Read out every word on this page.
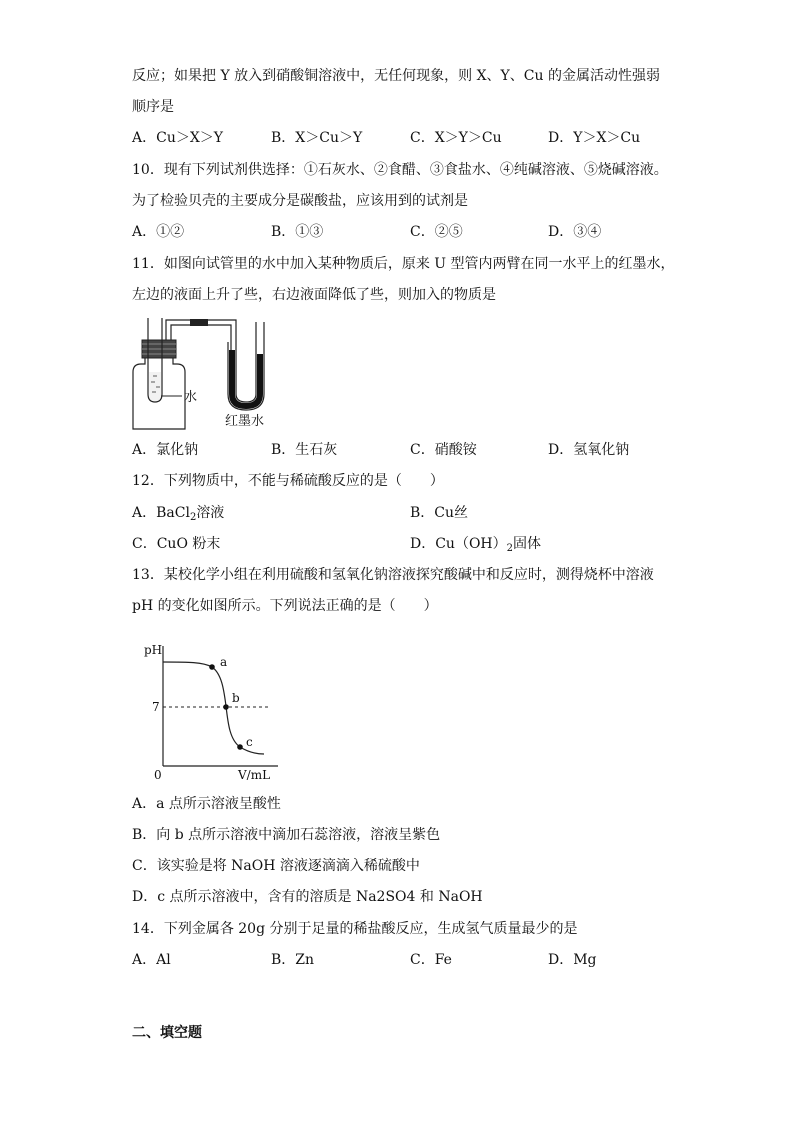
反应；如果把 Y 放入到硝酸铜溶液中，无任何现象，则 X、Y、Cu 的金属活动性强弱
顺序是
A．Cu＞X＞Y	B．X＞Cu＞Y	C．X＞Y＞Cu	D．Y＞X＞Cu
10．现有下列试剂供选择：①石灰水、②食醋、③食盐水、④纯碱溶液、⑤烧碱溶液。
为了检验贝壳的主要成分是碳酸盐，应该用到的试剂是
A．①②	B．①③	C．②⑤	D．③④
11．如图向试管里的水中加入某种物质后，原来 U 型管内两臂在同一水平上的红墨水，
左边的液面上升了些，右边液面降低了些，则加入的物质是
水
红墨水
A．氯化钠	B．生石灰	C．硝酸铵	D．氢氧化钠
12．下列物质中，不能与稀硫酸反应的是（　　）
A．BaCl$_2$溶液	B．Cu丝
C．CuO 粉末	D．$Cu(OH)_2$固体
13．某校化学小组在利用硫酸和氢氧化钠溶液探究酸碱中和反应时，测得烧杯中溶液
pH 的变化如图所示。下列说法正确的是（　　）
pH
V/mL
0
7
a
b
c
A．a 点所示溶液呈酸性
B．向 b 点所示溶液中滴加石蕊溶液，溶液呈紫色
C．该实验是将 NaOH 溶液逐滴滴入稀硫酸中
D．c 点所示溶液中，含有的溶质是 Na2SO4 和 NaOH
14．下列金属各 20g 分别于足量的稀盐酸反应，生成氢气质量最少的是
A．Al	B．Zn	C．Fe	D．Mg
二、填空题
